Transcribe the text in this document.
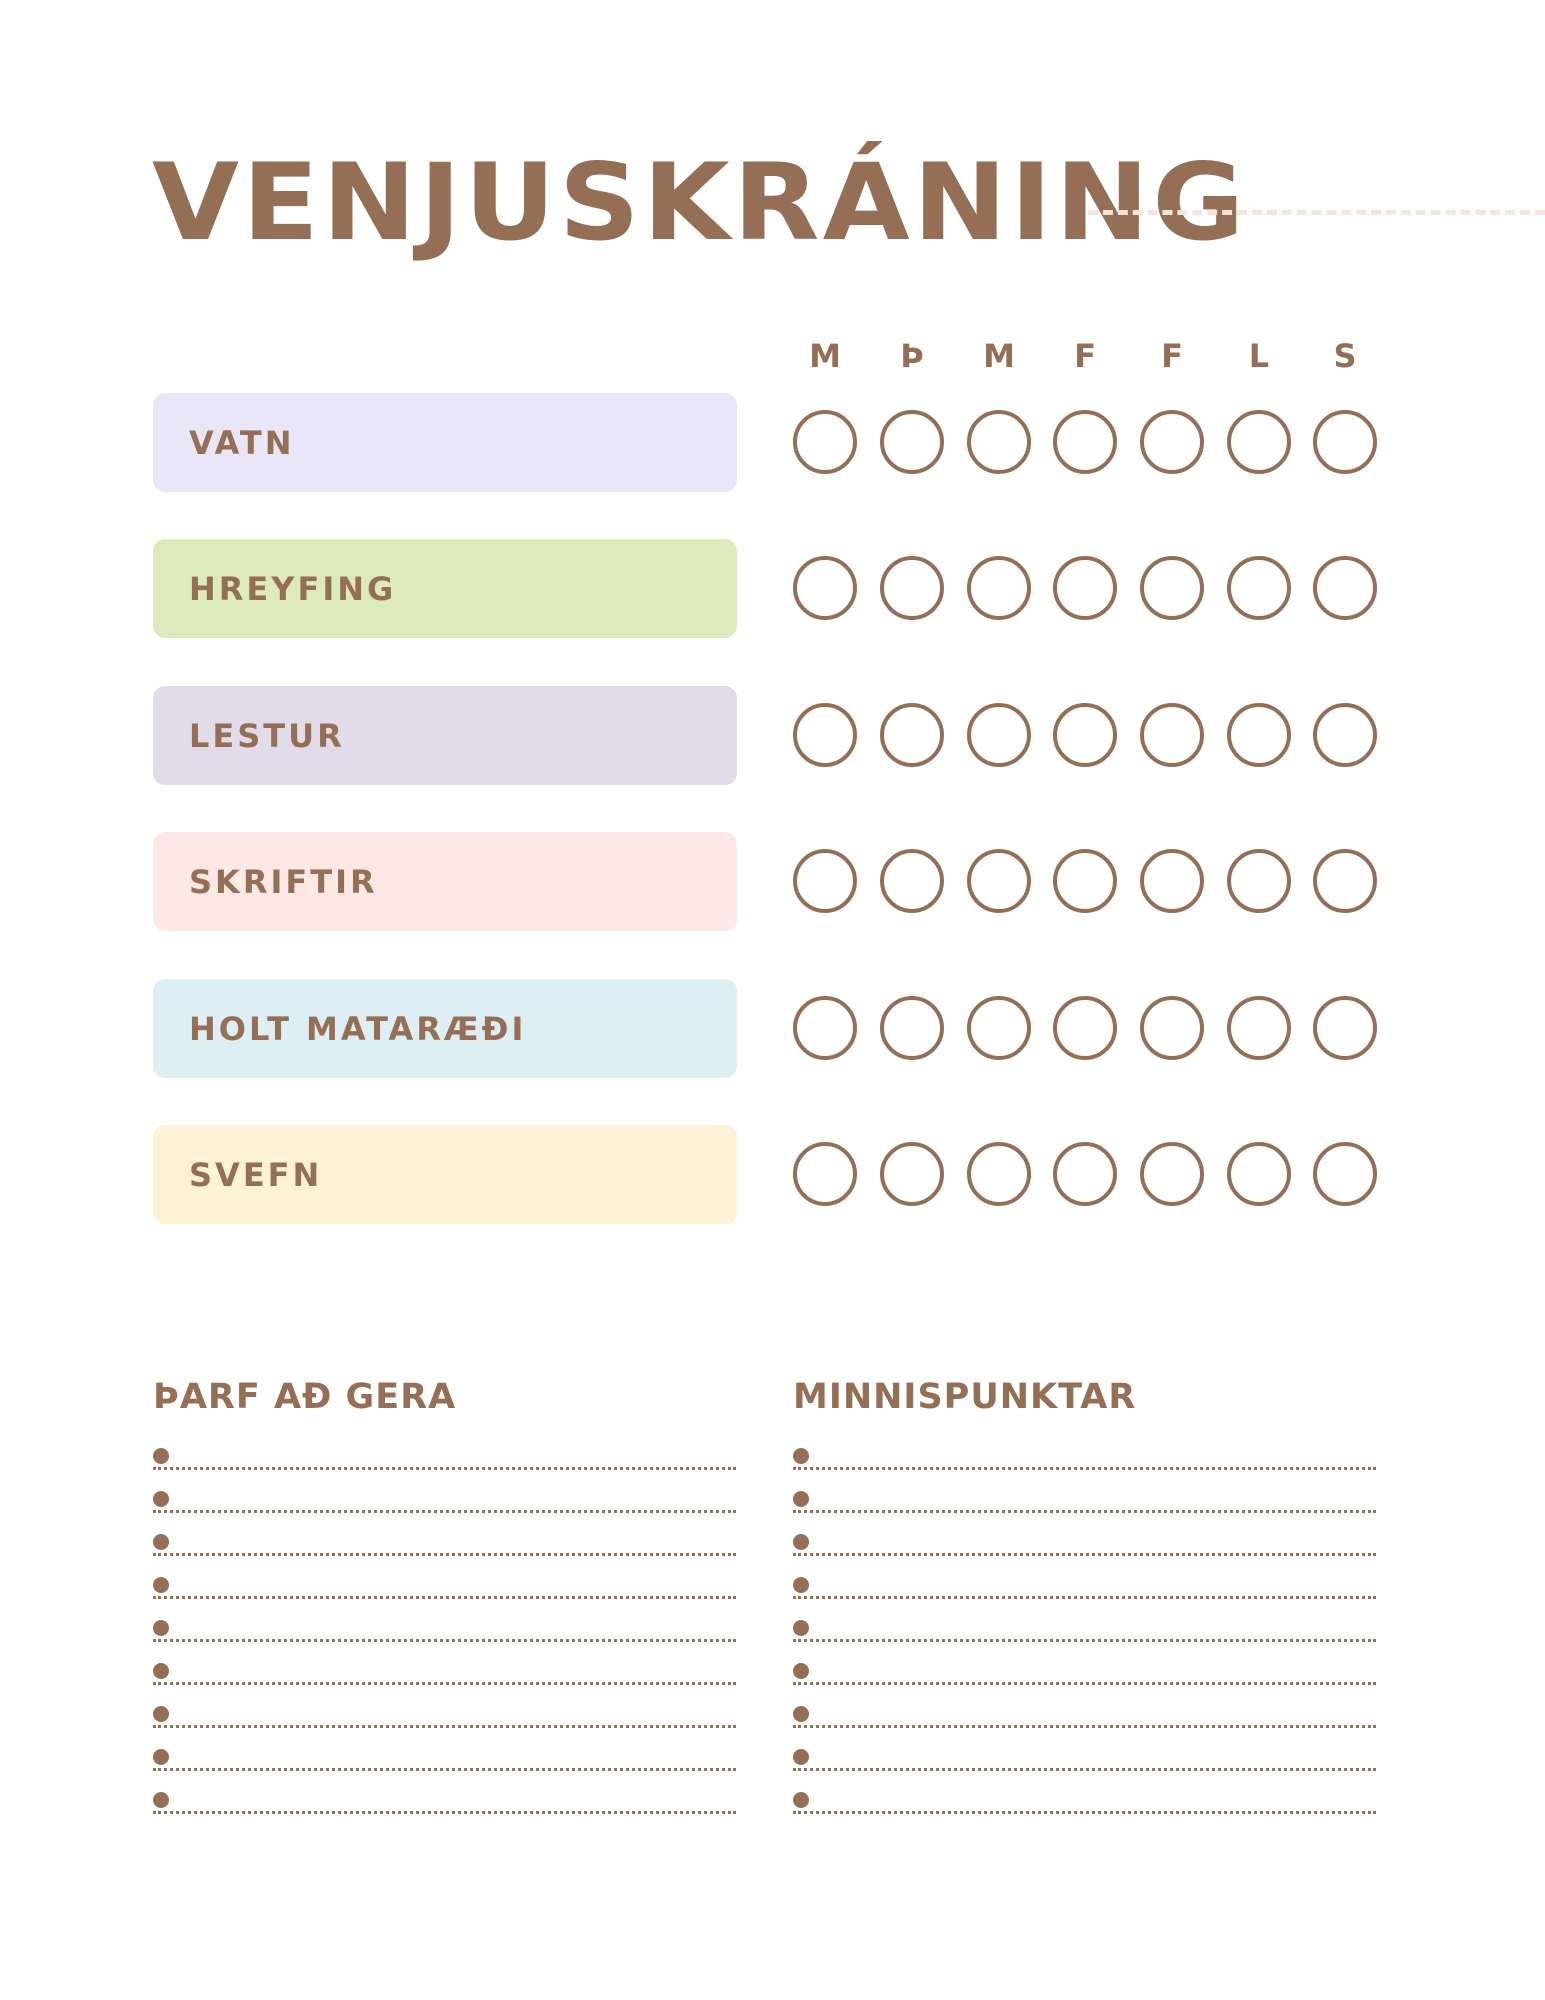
VENJUSKRÁNING
M	Þ	M	F	F	L	S
VATN
HREYFING
LESTUR
SKRIFTIR
HOLT MATARÆÐI
SVEFN
ÞARF AÐ GERA	MINNISPUNKTAR
